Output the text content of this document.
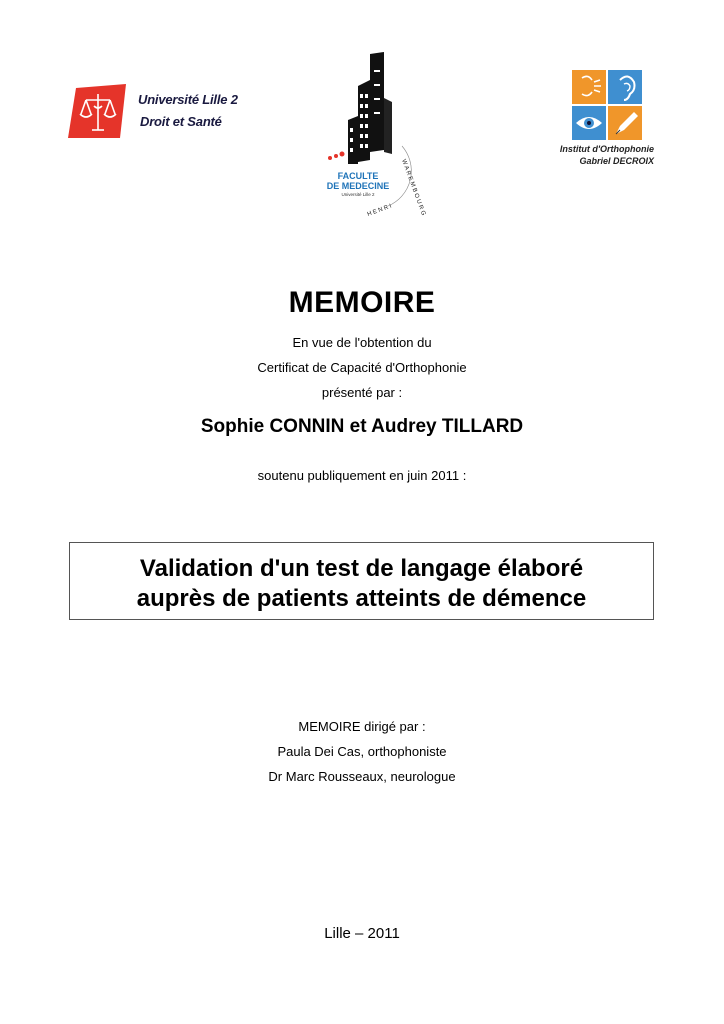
Université Lille 2
Droit et Santé
W A R E M B O U R G
H E N R I
FACULTE
DE MEDECINE
Université Lille 2
Institut d'Orthophonie
Gabriel DECROIX
MEMOIRE
En vue de l'obtention du
Certificat de Capacité d'Orthophonie
présenté par :
Sophie CONNIN et Audrey TILLARD
soutenu publiquement en juin 2011 :
Validation d'un test de langage élaboré
auprès de patients atteints de démence
MEMOIRE dirigé par :
Paula Dei Cas, orthophoniste
Dr Marc Rousseaux, neurologue
Lille – 2011
